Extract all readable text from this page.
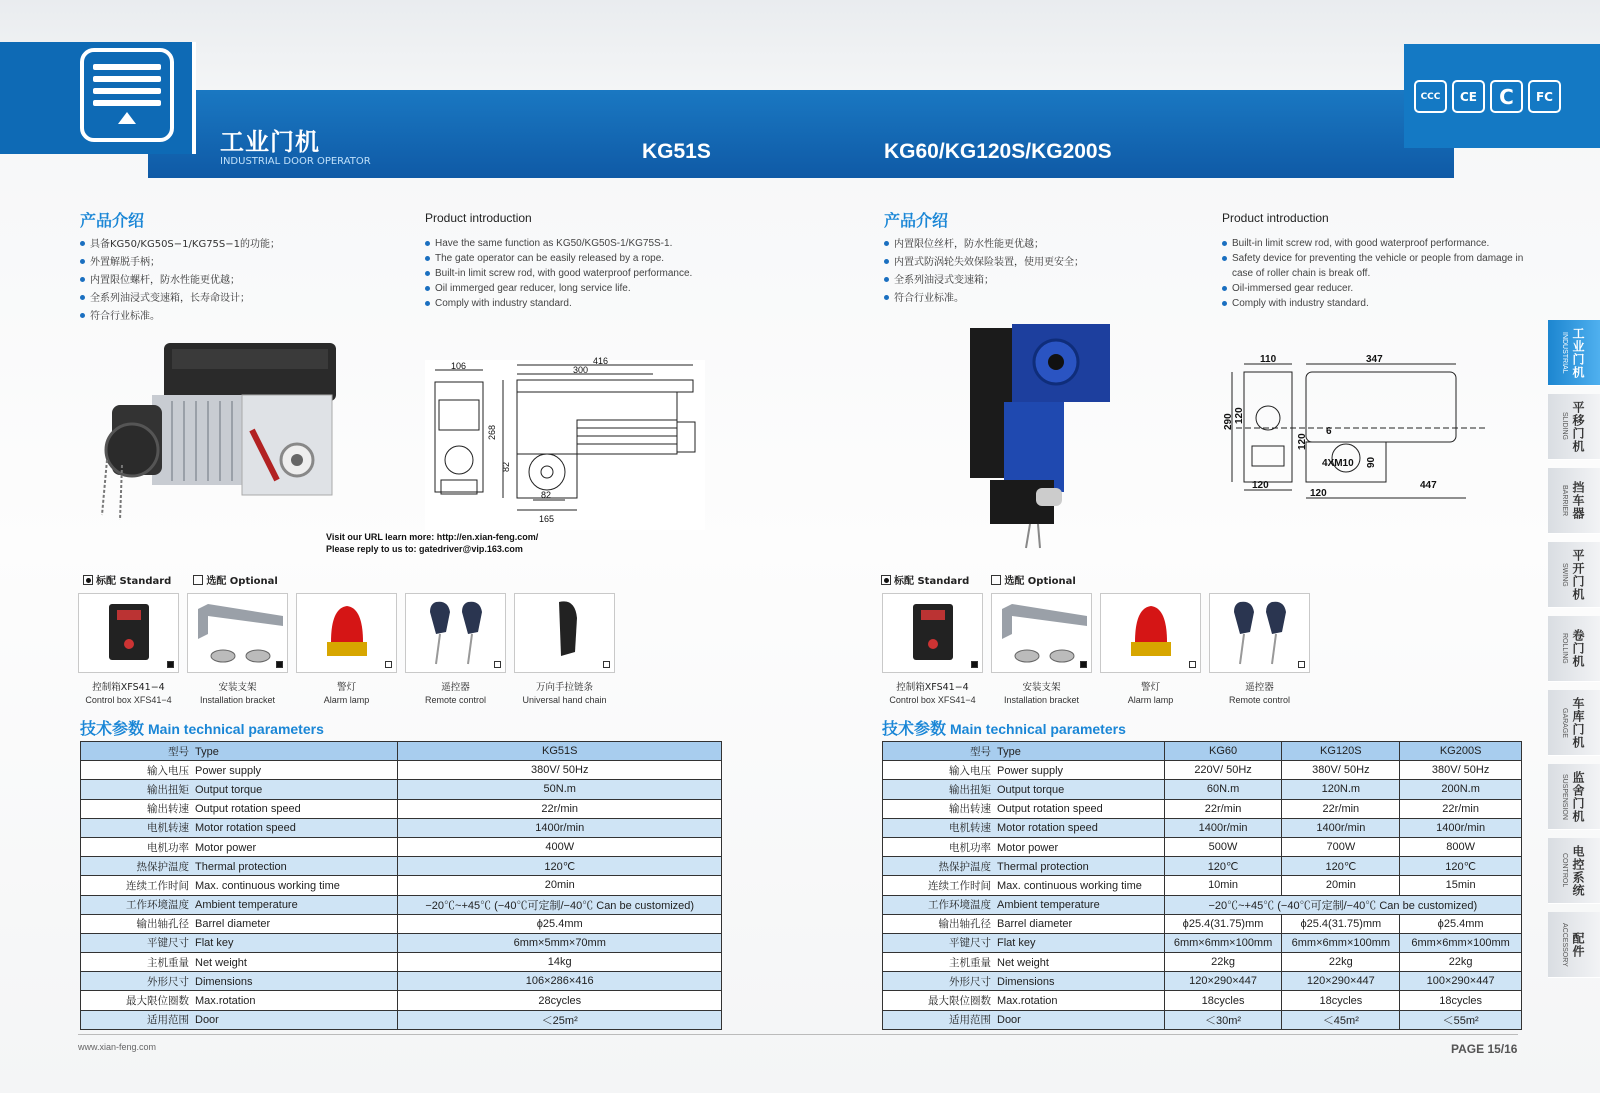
工业门机
INDUSTRIAL DOOR OPERATOR	KG51S	KG60/KG120S/KG200S
CCC	CE	C	FC
产品介绍
具备KG50/KG50S−1/KG75S−1的功能；
外置解脱手柄；
内置限位螺杆，防水性能更优越；
全系列油浸式变速箱，长寿命设计；
符合行业标准。
Product introduction
Have the same function as KG50/KG50S-1/KG75S-1.
The gate operator can be easily released by a rope.
Built-in limit screw rod, with good waterproof performance.
Oil immerged gear reducer, long service life.
Comply with industry standard.
106	416
300
268
82
82
165
Visit our URL learn more: http://en.xian-feng.com/
Please reply to us to: gatedriver@vip.163.com
标配 Standard	选配 Optional
控制箱XFS41−4
Control box XFS41−4
安装支架
Installation bracket
警灯
Alarm lamp
遥控器
Remote control
万向手拉链条
Universal hand chain
技术参数 Main technical parameters
型号 Type	KG51S
输入电压 Power supply	380V/ 50Hz
输出扭矩 Output torque	50N.m
输出转速 Output rotation speed	22r/min
电机转速 Motor rotation speed	1400r/min
电机功率 Motor power	400W
热保护温度 Thermal protection	120℃
连续工作时间 Max. continuous working time	20min
工作环境温度 Ambient temperature	−20℃~+45℃ (−40℃可定制/−40℃ Can be customized)
输出轴孔径 Barrel diameter	ϕ25.4mm
平键尺寸 Flat key	6mm×5mm×70mm
主机重量 Net weight	14kg
外形尺寸 Dimensions	106×286×416
最大限位圈数 Max.rotation	28cycles
适用范围 Door	＜25m²
产品介绍
内置限位丝杆，防水性能更优越；
内置式防涡轮失效保险装置，使用更安全；
全系列油浸式变速箱；
符合行业标准。
Product introduction
Built-in limit screw rod, with good waterproof performance.
Safety device for preventing the vehicle or people from damage in case of roller chain is break off.
Oil-immersed gear reducer.
Comply with industry standard.
110	347
290 120
120
6
4XM10 90
120
120
447
标配 Standard	选配 Optional
控制箱XFS41−4
Control box XFS41−4
安装支架
Installation bracket
警灯
Alarm lamp
遥控器
Remote control
技术参数 Main technical parameters
型号 Type	KG60	KG120S	KG200S
输入电压 Power supply	220V/ 50Hz	380V/ 50Hz	380V/ 50Hz
输出扭矩 Output torque	60N.m	120N.m	200N.m
输出转速 Output rotation speed	22r/min	22r/min	22r/min
电机转速 Motor rotation speed	1400r/min	1400r/min	1400r/min
电机功率 Motor power	500W	700W	800W
热保护温度 Thermal protection	120℃	120℃	120℃
连续工作时间 Max. continuous working time	10min	20min	15min
工作环境温度 Ambient temperature	−20℃~+45℃ (−40℃可定制/−40℃ Can be customized)		
输出轴孔径 Barrel diameter	ϕ25.4(31.75)mm	ϕ25.4(31.75)mm	ϕ25.4mm
平键尺寸 Flat key	6mm×6mm×100mm	6mm×6mm×100mm	6mm×6mm×100mm
主机重量 Net weight	22kg	22kg	22kg
外形尺寸 Dimensions	120×290×447	120×290×447	100×290×447
最大限位圈数 Max.rotation	18cycles	18cycles	18cycles
适用范围 Door	＜30m²	＜45m²	＜55m²
INDUSTRIAL 工业门机
SLIDING 平移门机
BARRIER 挡车器
SWING 平开门机
ROLLING 卷门机
GARAGE 车库门机
SUSPENSION 监舍门机
CONTROL 电控系统
ACCESSORY 配件
www.xian-feng.com	PAGE 15/16
